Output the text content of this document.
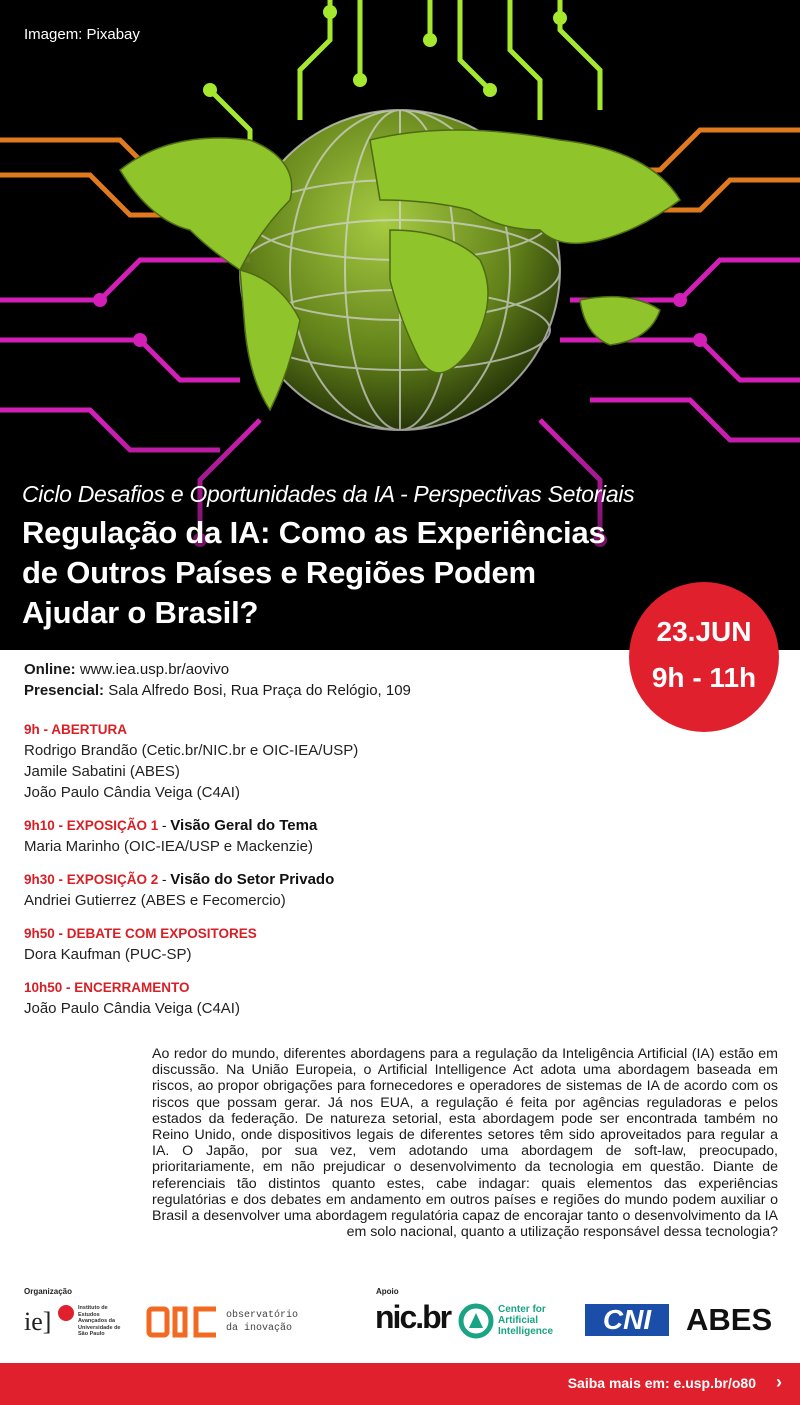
Imagem: Pixabay
Ciclo Desafios e Oportunidades da IA - Perspectivas Setoriais
Regulação da IA: Como as Experiências
de Outros Países e Regiões Podem
Ajudar o Brasil?
23.JUN
9h - 11h
Online: www.iea.usp.br/aovivo
Presencial: Sala Alfredo Bosi, Rua Praça do Relógio, 109
9h - ABERTURA
Rodrigo Brandão (Cetic.br/NIC.br e OIC-IEA/USP)
Jamile Sabatini (ABES)
João Paulo Cândia Veiga (C4AI)
9h10 - EXPOSIÇÃO 1 - Visão Geral do Tema
Maria Marinho (OIC-IEA/USP e Mackenzie)
9h30 - EXPOSIÇÃO 2 - Visão do Setor Privado
Andriei Gutierrez (ABES e Fecomercio)
9h50 - DEBATE COM EXPOSITORES
Dora Kaufman (PUC-SP)
10h50 - ENCERRAMENTO
João Paulo Cândia Veiga (C4AI)

Ao redor do mundo, diferentes abordagens para a regulação da Inteligência Artificial (IA) estão em discussão. Na União Europeia, o Artificial Intelligence Act adota uma abordagem baseada em riscos, ao propor obrigações para fornecedores e operadores de sistemas de IA de acordo com os riscos que possam gerar. Já nos EUA, a regulação é feita por agências reguladoras e pelos estados da federação. De natureza setorial, esta abordagem pode ser encontrada também no Reino Unido, onde dispositivos legais de diferentes setores têm sido aproveitados para regular a IA. O Japão, por sua vez, vem adotando uma abordagem de soft-law, preocupado, prioritariamente, em não prejudicar o desenvolvimento da tecnologia em questão. Diante de referenciais tão distintos quanto estes, cabe indagar: quais elementos das experiências regulatórias e dos debates em andamento em outros países e regiões do mundo podem auxiliar o Brasil a desenvolver uma abordagem regulatória capaz de encorajar tanto o desenvolvimento da IA em solo nacional, quanto a utilização responsável dessa tecnologia?

Organização	Apoio
ie]	Instituto de
Estudos
Avançados da
Universidade de
São Paulo
observatório
da inovação	nic.br	Center for
Artificial
Intelligence	CNI	ABES
Saiba mais em: e.usp.br/o80 ›
